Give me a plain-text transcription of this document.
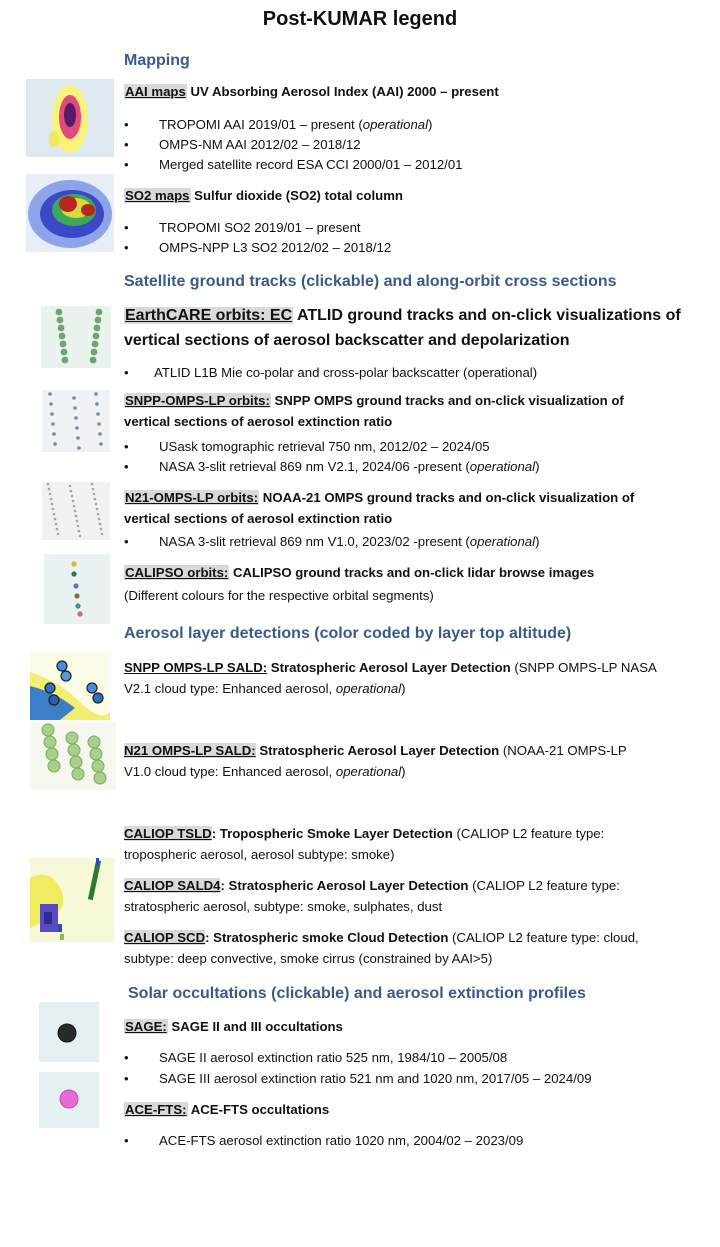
Post-KUMAR legend
Mapping
AAI maps UV Absorbing Aerosol Index (AAI) 2000 – present
• TROPOMI AAI 2019/01 – present (operational)
• OMPS-NM AAI 2012/02 – 2018/12
• Merged satellite record ESA CCI 2000/01 – 2012/01
SO2 maps Sulfur dioxide (SO2) total column
• TROPOMI SO2 2019/01 – present
• OMPS-NPP L3 SO2 2012/02 – 2018/12
Satellite ground tracks (clickable) and along-orbit cross sections
EarthCARE orbits: EC ATLID ground tracks and on-click visualizations of
vertical sections of aerosol backscatter and depolarization
• ATLID L1B Mie co-polar and cross-polar backscatter (operational)
SNPP-OMPS-LP orbits: SNPP OMPS ground tracks and on-click visualization of
vertical sections of aerosol extinction ratio
• USask tomographic retrieval 750 nm, 2012/02 – 2024/05
• NASA 3-slit retrieval 869 nm V2.1, 2024/06 -present (operational)
N21-OMPS-LP orbits: NOAA-21 OMPS ground tracks and on-click visualization of
vertical sections of aerosol extinction ratio
• NASA 3-slit retrieval 869 nm V1.0, 2023/02 -present (operational)
CALIPSO orbits: CALIPSO ground tracks and on-click lidar browse images
(Different colours for the respective orbital segments)
Aerosol layer detections (color coded by layer top altitude)
SNPP OMPS-LP SALD: Stratospheric Aerosol Layer Detection (SNPP OMPS-LP NASA
V2.1 cloud type: Enhanced aerosol, operational)
N21 OMPS-LP SALD: Stratospheric Aerosol Layer Detection (NOAA-21 OMPS-LP
V1.0 cloud type: Enhanced aerosol, operational)
CALIOP TSLD: Tropospheric Smoke Layer Detection (CALIOP L2 feature type:
tropospheric aerosol, aerosol subtype: smoke)
CALIOP SALD4: Stratospheric Aerosol Layer Detection (CALIOP L2 feature type:
stratospheric aerosol, subtype: smoke, sulphates, dust
CALIOP SCD: Stratospheric smoke Cloud Detection (CALIOP L2 feature type: cloud,
subtype: deep convective, smoke cirrus (constrained by AAI>5)
Solar occultations (clickable) and aerosol extinction profiles
SAGE: SAGE II and III occultations
• SAGE II aerosol extinction ratio 525 nm, 1984/10 – 2005/08
• SAGE III aerosol extinction ratio 521 nm and 1020 nm, 2017/05 – 2024/09
ACE-FTS: ACE-FTS occultations
• ACE-FTS aerosol extinction ratio 1020 nm, 2004/02 – 2023/09
